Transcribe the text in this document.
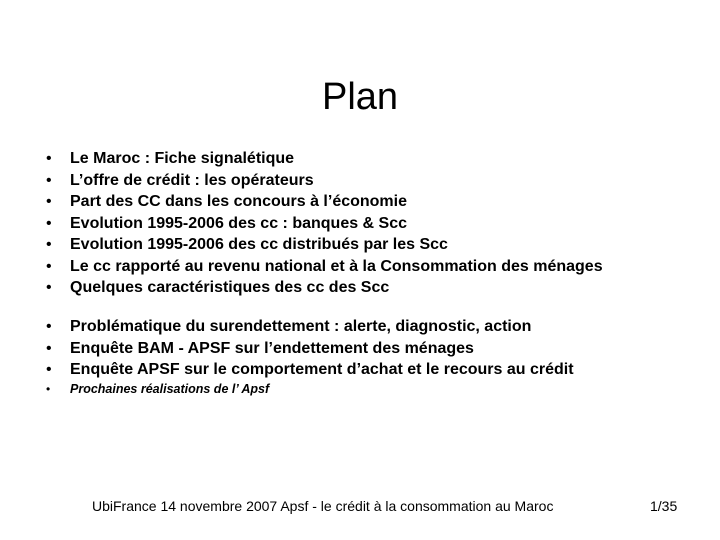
Plan
• Le Maroc : Fiche signalétique
• L’offre de crédit : les opérateurs
• Part des CC dans les concours à l’économie
• Evolution 1995-2006 des cc : banques & Scc
• Evolution 1995-2006 des cc distribués par les Scc
• Le cc rapporté au revenu national et à la Consommation des ménages
• Quelques caractéristiques des cc des Scc
• Problématique du surendettement : alerte, diagnostic, action
• Enquête BAM - APSF sur l’endettement des ménages
• Enquête APSF sur le comportement d’achat et le recours au crédit
• Prochaines réalisations de l’ Apsf
UbiFrance 14 novembre 2007 Apsf - le crédit à la consommation au Maroc	1/35
